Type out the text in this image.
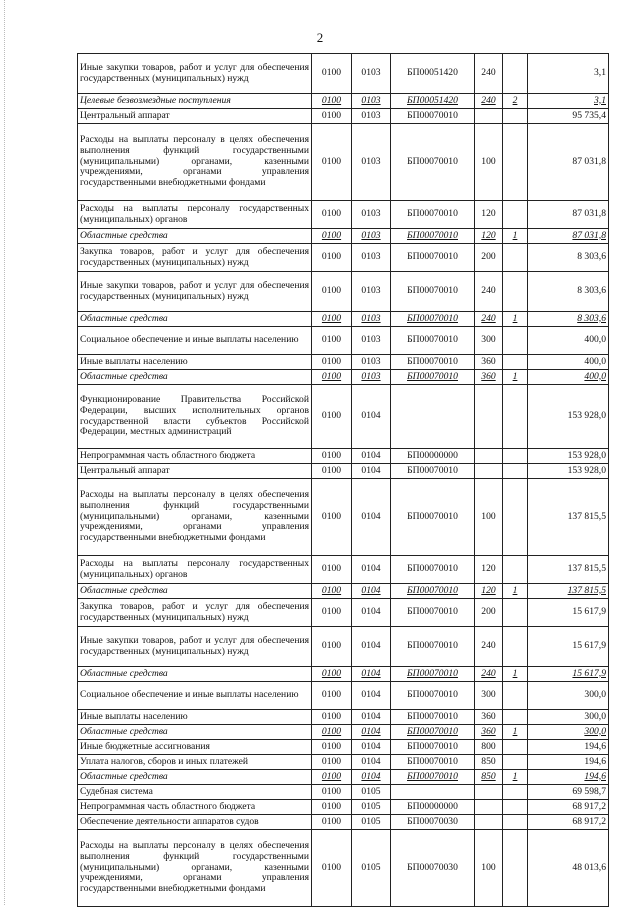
2
Иные закупки товаров, работ и услуг для обеспечения государственных (муниципальных) нужд	0100	0103	БП00051420	240		3,1
Целевые безвозмездные поступления	0100	0103	БП00051420	240	2	3,1
Центральный аппарат	0100	0103	БП00070010			95 735,4
Расходы на выплаты персоналу в целях обеспечения выполнения функций государственными (муниципальными) органами, казенными учреждениями, органами управления государственными внебюджетными фондами	0100	0103	БП00070010	100		87 031,8
Расходы на выплаты персоналу государственных (муниципальных) органов	0100	0103	БП00070010	120		87 031,8
Областные средства	0100	0103	БП00070010	120	1	87 031,8
Закупка товаров, работ и услуг для обеспечения государственных (муниципальных) нужд	0100	0103	БП00070010	200		8 303,6
Иные закупки товаров, работ и услуг для обеспечения государственных (муниципальных) нужд	0100	0103	БП00070010	240		8 303,6
Областные средства	0100	0103	БП00070010	240	1	8 303,6
Социальное обеспечение и иные выплаты населению	0100	0103	БП00070010	300		400,0
Иные выплаты населению	0100	0103	БП00070010	360		400,0
Областные средства	0100	0103	БП00070010	360	1	400,0
Функционирование Правительства Российской Федерации, высших исполнительных органов государственной власти субъектов Российской Федерации, местных администраций	0100	0104				153 928,0
Непрограммная часть областного бюджета	0100	0104	БП00000000			153 928,0
Центральный аппарат	0100	0104	БП00070010			153 928,0
Расходы на выплаты персоналу в целях обеспечения выполнения функций государственными (муниципальными) органами, казенными учреждениями, органами управления государственными внебюджетными фондами	0100	0104	БП00070010	100		137 815,5
Расходы на выплаты персоналу государственных (муниципальных) органов	0100	0104	БП00070010	120		137 815,5
Областные средства	0100	0104	БП00070010	120	1	137 815,5
Закупка товаров, работ и услуг для обеспечения государственных (муниципальных) нужд	0100	0104	БП00070010	200		15 617,9
Иные закупки товаров, работ и услуг для обеспечения государственных (муниципальных) нужд	0100	0104	БП00070010	240		15 617,9
Областные средства	0100	0104	БП00070010	240	1	15 617,9
Социальное обеспечение и иные выплаты населению	0100	0104	БП00070010	300		300,0
Иные выплаты населению	0100	0104	БП00070010	360		300,0
Областные средства	0100	0104	БП00070010	360	1	300,0
Иные бюджетные ассигнования	0100	0104	БП00070010	800		194,6
Уплата налогов, сборов и иных платежей	0100	0104	БП00070010	850		194,6
Областные средства	0100	0104	БП00070010	850	1	194,6
Судебная система	0100	0105				69 598,7
Непрограммная часть областного бюджета	0100	0105	БП00000000			68 917,2
Обеспечение деятельности аппаратов судов	0100	0105	БП00070030			68 917,2
Расходы на выплаты персоналу в целях обеспечения выполнения функций государственными (муниципальными) органами, казенными учреждениями, органами управления государственными внебюджетными фондами	0100	0105	БП00070030	100		48 013,6
